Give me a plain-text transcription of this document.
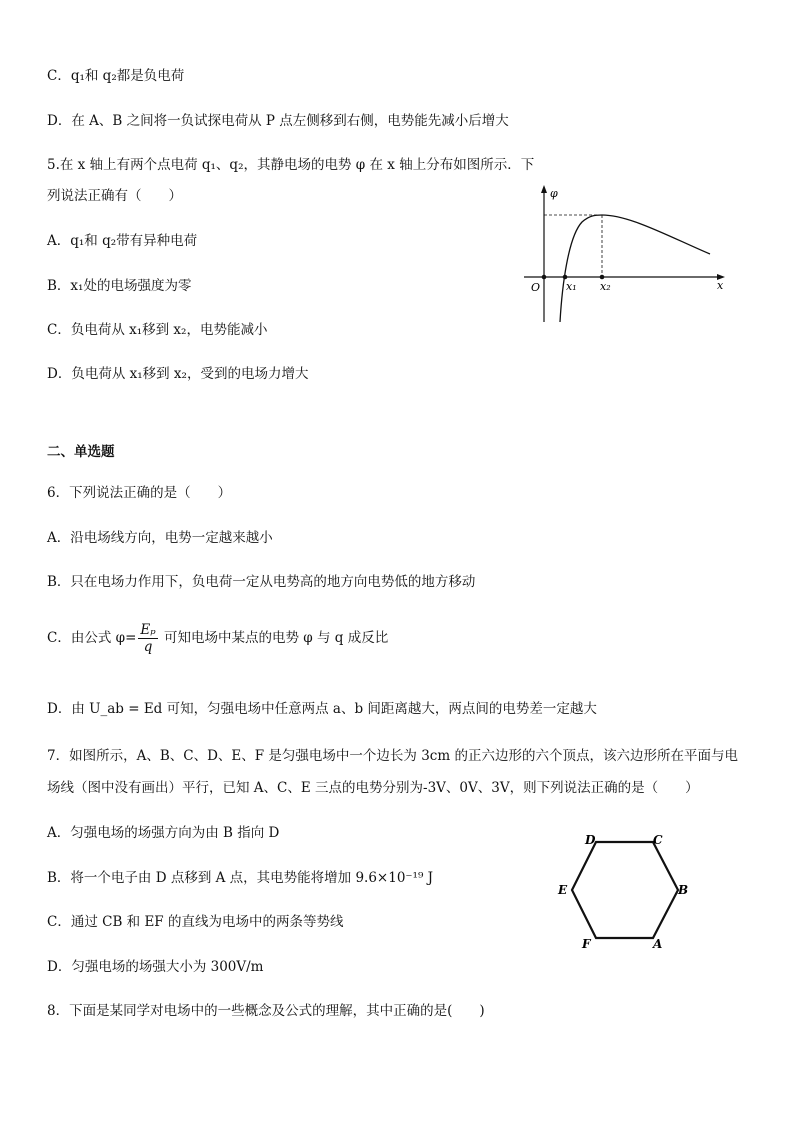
C．q₁和 q₂都是负电荷
D．在 A、B 之间将一负试探电荷从 P 点左侧移到右侧，电势能先减小后增大
5.在 x 轴上有两个点电荷 q₁、q₂，其静电场的电势 φ 在 x 轴上分布如图所示．下
列说法正确有（　　）
A．q₁和 q₂带有异种电荷
B．x₁处的电场强度为零
C．负电荷从 x₁移到 x₂，电势能减小
D．负电荷从 x₁移到 x₂，受到的电场力增大
φ
x
O x₁ x₂
二、单选题
6．下列说法正确的是（　　）
A．沿电场线方向，电势一定越来越小
B．只在电场力作用下，负电荷一定从电势高的地方向电势低的地方移动
C．由公式 $\varphi= \frac{\text{Eₚ}}{q}$ 可知电场中某点的电势 φ 与 q 成反比
D．由 U_ab = Ed 可知，匀强电场中任意两点 a、b 间距离越大，两点间的电势差一定越大
7．如图所示，A、B、C、D、E、F 是匀强电场中一个边长为 3cm 的正六边形的六个顶点，该六边形所在平面与电
场线（图中没有画出）平行，已知 A、C、E 三点的电势分别为-3V、0V、3V，则下列说法正确的是（　　）
A．匀强电场的场强方向为由 B 指向 D
B．将一个电子由 D 点移到 A 点，其电势能将增加 9.6×10⁻¹⁹ J
C．通过 CB 和 EF 的直线为电场中的两条等势线
D．匀强电场的场强大小为 300V/m
D	C
B
A
F
E
8．下面是某同学对电场中的一些概念及公式的理解，其中正确的是(　　)
